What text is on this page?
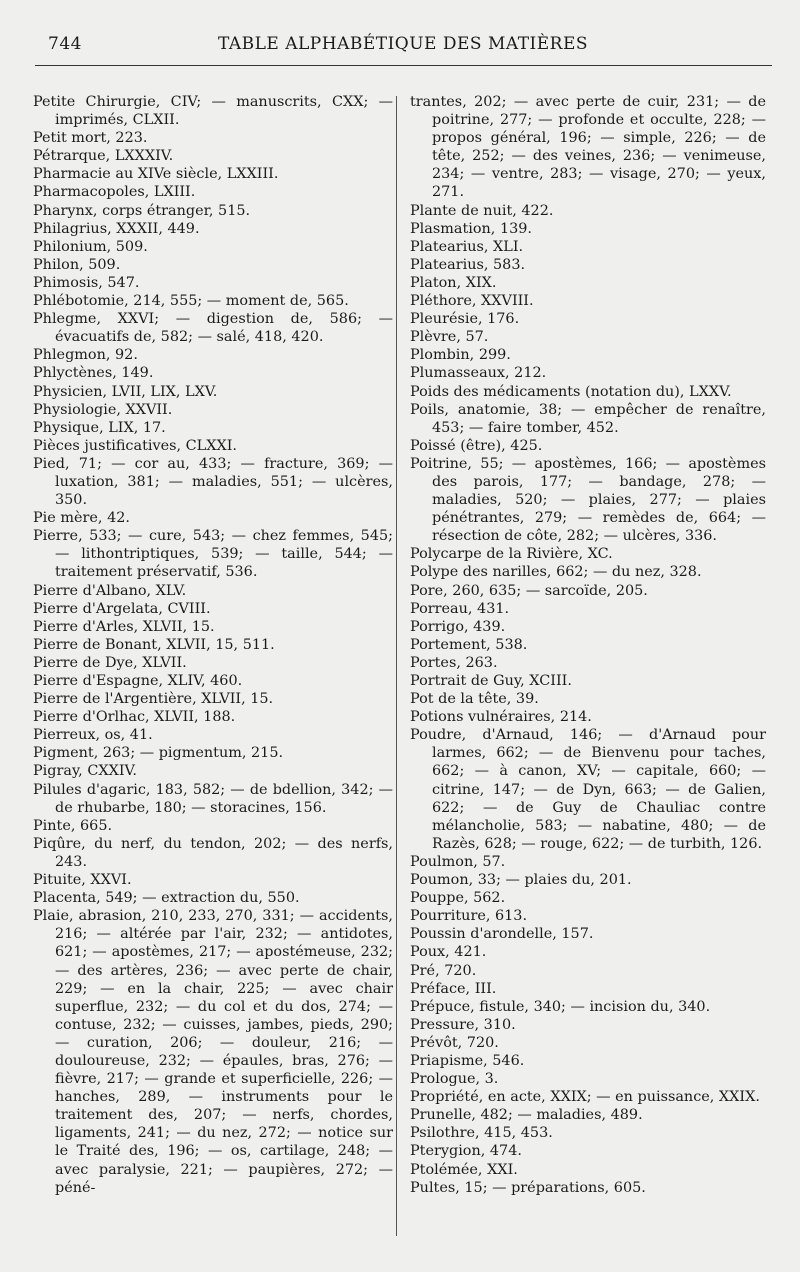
744	TABLE ALPHABÉTIQUE DES MATIÈRES
Petite Chirurgie, CIV; — manuscrits, CXX; — imprimés, CLXII.
Petit mort, 223.
Pétrarque, LXXXIV.
Pharmacie au XIVe siècle, LXXIII.
Pharmacopoles, LXIII.
Pharynx, corps étranger, 515.
Philagrius, XXXII, 449.
Philonium, 509.
Philon, 509.
Phimosis, 547.
Phlébotomie, 214, 555; — moment de, 565.
Phlegme, XXVI; — digestion de, 586; — évacuatifs de, 582; — salé, 418, 420.
Phlegmon, 92.
Phlyctènes, 149.
Physicien, LVII, LIX, LXV.
Physiologie, XXVII.
Physique, LIX, 17.
Pièces justificatives, CLXXI.
Pied, 71; — cor au, 433; — fracture, 369; — luxation, 381; — maladies, 551; — ulcères, 350.
Pie mère, 42.
Pierre, 533; — cure, 543; — chez femmes, 545; — lithontriptiques, 539; — taille, 544; — traitement préservatif, 536.
Pierre d'Albano, XLV.
Pierre d'Argelata, CVIII.
Pierre d'Arles, XLVII, 15.
Pierre de Bonant, XLVII, 15, 511.
Pierre de Dye, XLVII.
Pierre d'Espagne, XLIV, 460.
Pierre de l'Argentière, XLVII, 15.
Pierre d'Orlhac, XLVII, 188.
Pierreux, os, 41.
Pigment, 263; — pigmentum, 215.
Pigray, CXXIV.
Pilules d'agaric, 183, 582; — de bdellion, 342; — de rhubarbe, 180; — storacines, 156.
Pinte, 665.
Piqûre, du nerf, du tendon, 202; — des nerfs, 243.
Pituite, XXVI.
Placenta, 549; — extraction du, 550.
Plaie, abrasion, 210, 233, 270, 331; — accidents, 216; — altérée par l'air, 232; — antidotes, 621; — apostèmes, 217; — apostémeuse, 232; — des artères, 236; — avec perte de chair, 229; — en la chair, 225; — avec chair superflue, 232; — du col et du dos, 274; — contuse, 232; — cuisses, jambes, pieds, 290; — curation, 206; — douleur, 216; — douloureuse, 232; — épaules, bras, 276; — fièvre, 217; — grande et superficielle, 226; — hanches, 289, — instruments pour le traitement des, 207; — nerfs, chordes, ligaments, 241; — du nez, 272; — notice sur le Traité des, 196; — os, cartilage, 248; — avec paralysie, 221; — paupières, 272; — péné-
trantes, 202; — avec perte de cuir, 231; — de poitrine, 277; — profonde et occulte, 228; — propos général, 196; — simple, 226; — de tête, 252; — des veines, 236; — venimeuse, 234; — ventre, 283; — visage, 270; — yeux, 271.
Plante de nuit, 422.
Plasmation, 139.
Platearius, XLI.
Platearius, 583.
Platon, XIX.
Pléthore, XXVIII.
Pleurésie, 176.
Plèvre, 57.
Plombin, 299.
Plumasseaux, 212.
Poids des médicaments (notation du), LXXV.
Poils, anatomie, 38; — empêcher de renaître, 453; — faire tomber, 452.
Poissé (être), 425.
Poitrine, 55; — apostèmes, 166; — apostèmes des parois, 177; — bandage, 278; — maladies, 520; — plaies, 277; — plaies pénétrantes, 279; — remèdes de, 664; — résection de côte, 282; — ulcères, 336.
Polycarpe de la Rivière, XC.
Polype des narilles, 662; — du nez, 328.
Pore, 260, 635; — sarcoïde, 205.
Porreau, 431.
Porrigo, 439.
Portement, 538.
Portes, 263.
Portrait de Guy, XCIII.
Pot de la tête, 39.
Potions vulnéraires, 214.
Poudre, d'Arnaud, 146; — d'Arnaud pour larmes, 662; — de Bienvenu pour taches, 662; — à canon, XV; — capitale, 660; — citrine, 147; — de Dyn, 663; — de Galien, 622; — de Guy de Chauliac contre mélancholie, 583; — nabatine, 480; — de Razès, 628; — rouge, 622; — de turbith, 126.
Poulmon, 57.
Poumon, 33; — plaies du, 201.
Pouppe, 562.
Pourriture, 613.
Poussin d'arondelle, 157.
Poux, 421.
Pré, 720.
Préface, III.
Prépuce, fistule, 340; — incision du, 340.
Pressure, 310.
Prévôt, 720.
Priapisme, 546.
Prologue, 3.
Propriété, en acte, XXIX; — en puissance, XXIX.
Prunelle, 482; — maladies, 489.
Psilothre, 415, 453.
Pterygion, 474.
Ptolémée, XXI.
Pultes, 15; — préparations, 605.
